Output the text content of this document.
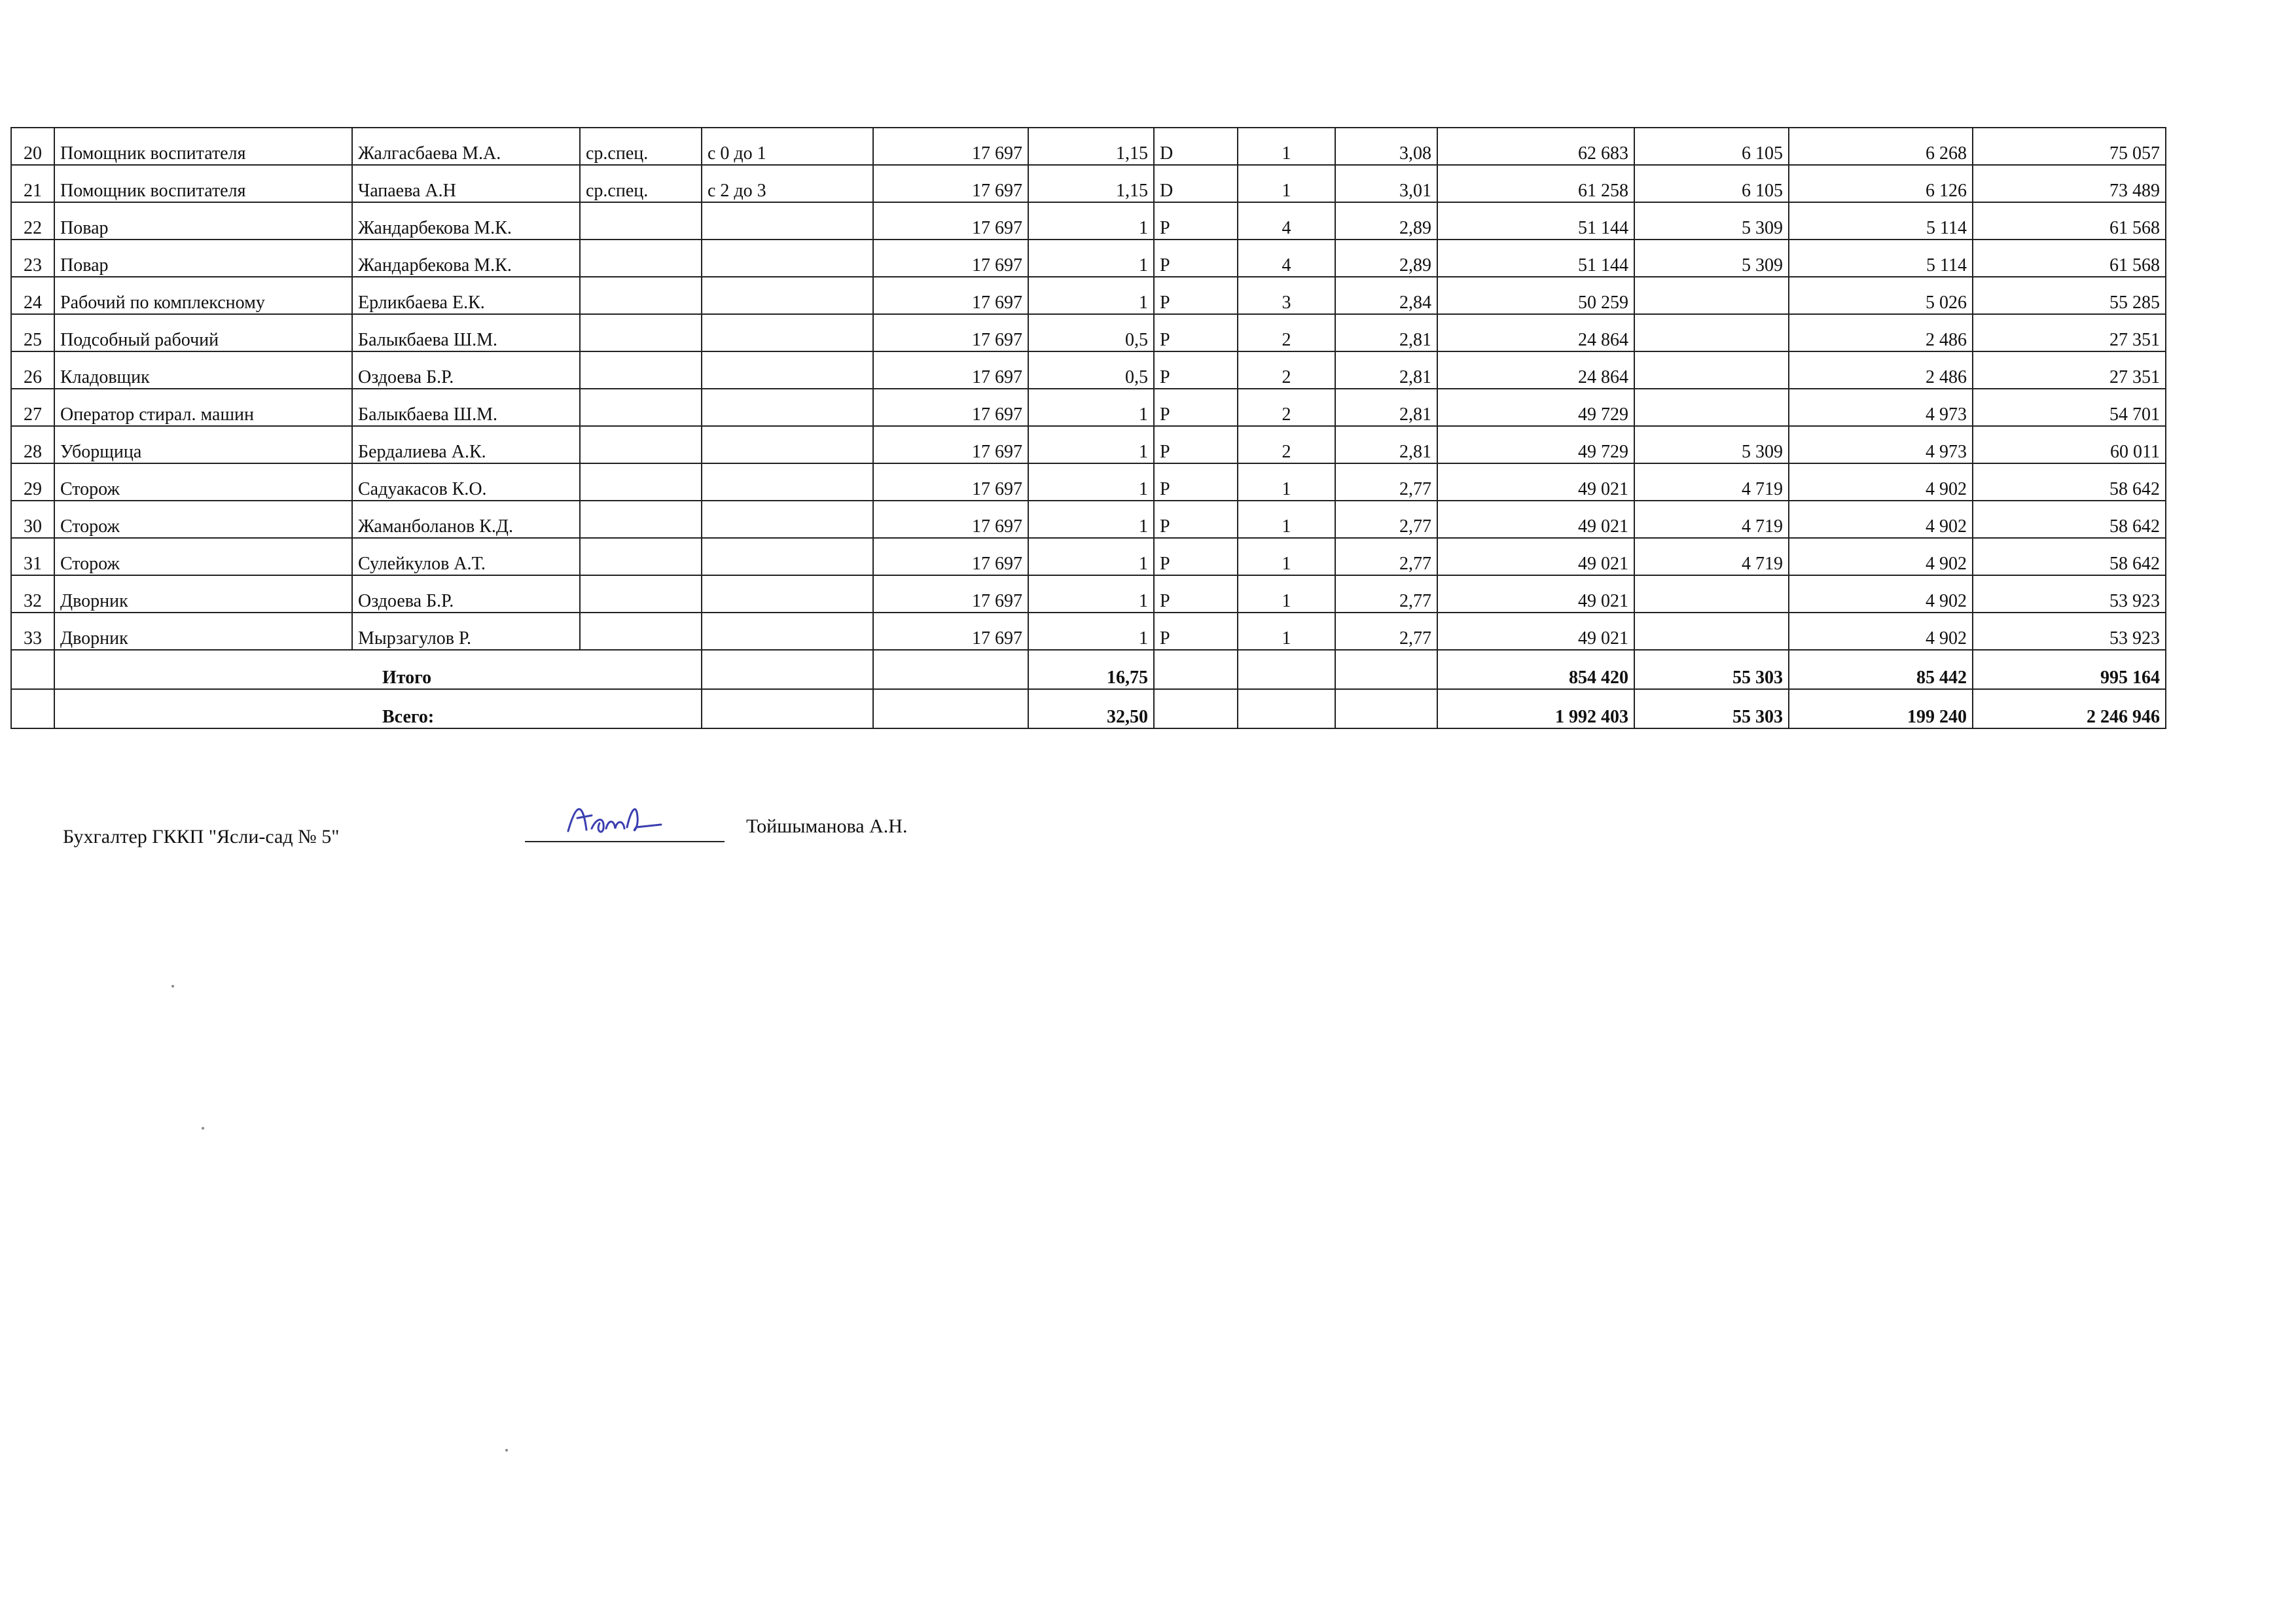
20	Помощник воспитателя	Жалгасбаева М.А.	ср.спец.	с 0 до 1	17 697	1,15	D	1	3,08	62 683	6 105	6 268	75 057
21	Помощник воспитателя	Чапаева А.Н	ср.спец.	с 2 до 3	17 697	1,15	D	1	3,01	61 258	6 105	6 126	73 489
22	Повар	Жандарбекова М.К.			17 697	1	P	4	2,89	51 144	5 309	5 114	61 568
23	Повар	Жандарбекова М.К.			17 697	1	P	4	2,89	51 144	5 309	5 114	61 568
24	Рабочий по комплексному	Ерликбаева Е.К.			17 697	1	P	3	2,84	50 259		5 026	55 285
25	Подсобный рабочий	Балыкбаева Ш.М.			17 697	0,5	P	2	2,81	24 864		2 486	27 351
26	Кладовщик	Оздоева Б.Р.			17 697	0,5	P	2	2,81	24 864		2 486	27 351
27	Оператор стирал. машин	Балыкбаева Ш.М.			17 697	1	P	2	2,81	49 729		4 973	54 701
28	Уборщица	Бердалиева А.К.			17 697	1	P	2	2,81	49 729	5 309	4 973	60 011
29	Сторож	Садуакасов К.О.			17 697	1	P	1	2,77	49 021	4 719	4 902	58 642
30	Сторож	Жаманболанов К.Д.			17 697	1	P	1	2,77	49 021	4 719	4 902	58 642
31	Сторож	Сулейкулов А.Т.			17 697	1	P	1	2,77	49 021	4 719	4 902	58 642
32	Дворник	Оздоева Б.Р.			17 697	1	P	1	2,77	49 021		4 902	53 923
33	Дворник	Мырзагулов Р.			17 697	1	P	1	2,77	49 021		4 902	53 923
	Итого					16,75				854 420	55 303	85 442	995 164
	Всего:					32,50				1 992 403	55 303	199 240	2 246 946
Бухгалтер ГККП "Ясли-сад № 5"	Тойшыманова А.Н.
